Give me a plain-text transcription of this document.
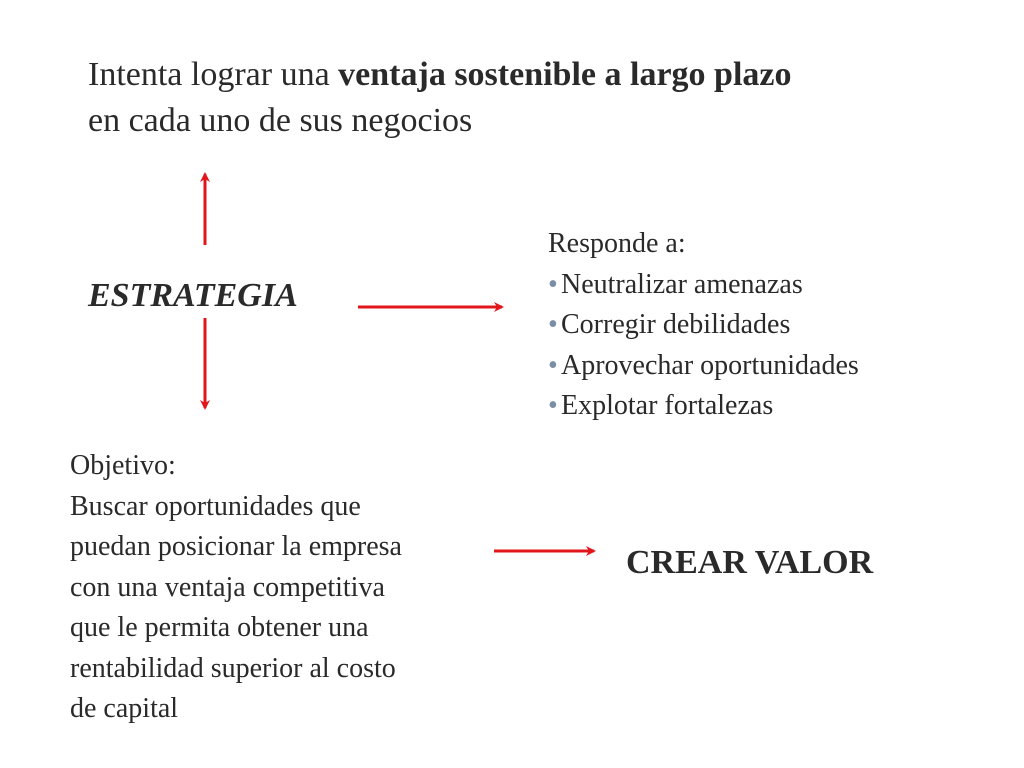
Intenta lograr una ventaja sostenible a largo plazo
en cada uno de sus negocios
ESTRATEGIA
Responde a:
• Neutralizar amenazas
• Corregir debilidades
• Aprovechar oportunidades
• Explotar fortalezas
Objetivo:
Buscar oportunidades que
puedan posicionar la empresa
con una ventaja competitiva
que le permita obtener una
rentabilidad superior al costo
de capital
CREAR VALOR
